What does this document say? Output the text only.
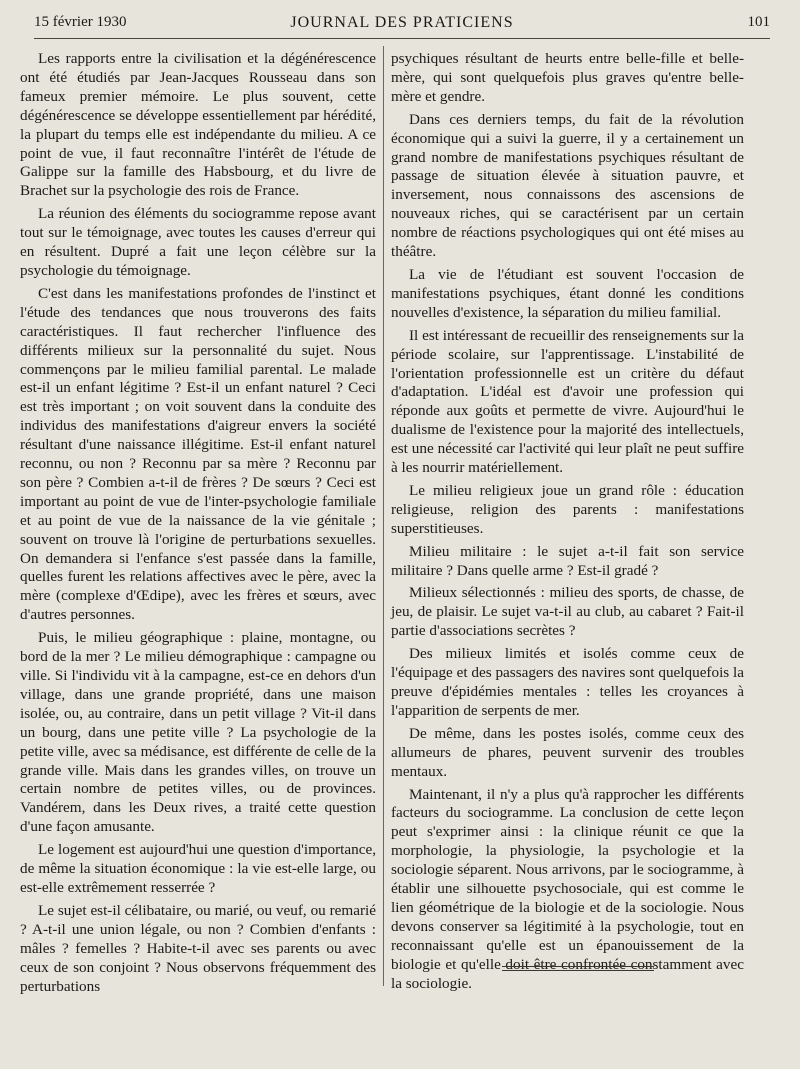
15 février 1930	JOURNAL DES PRATICIENS	101

Les rapports entre la civilisation et la dégénérescence ont été étudiés par Jean-Jacques Rousseau dans son fameux premier mémoire. Le plus souvent, cette dégénérescence se développe essentiellement par hérédité, la plupart du temps elle est indépendante du milieu. A ce point de vue, il faut reconnaître l'intérêt de l'étude de Galippe sur la famille des Habsbourg, et du livre de Brachet sur la psychologie des rois de France.

La réunion des éléments du sociogramme repose avant tout sur le témoignage, avec toutes les causes d'erreur qui en résultent. Dupré a fait une leçon célèbre sur la psychologie du témoignage.

C'est dans les manifestations profondes de l'instinct et l'étude des tendances que nous trouverons des faits caractéristiques. Il faut rechercher l'influence des différents milieux sur la personnalité du sujet. Nous commençons par le milieu familial parental. Le malade est-il un enfant légitime ? Est-il un enfant naturel ? Ceci est très important ; on voit souvent dans la conduite des individus des manifestations d'aigreur envers la société résultant d'une naissance illégitime. Est-il enfant naturel reconnu, ou non ? Reconnu par sa mère ? Reconnu par son père ? Combien a-t-il de frères ? De sœurs ? Ceci est important au point de vue de l'inter-psychologie familiale et au point de vue de la naissance de la vie génitale ; souvent on trouve là l'origine de perturbations sexuelles. On demandera si l'enfance s'est passée dans la famille, quelles furent les relations affectives avec le père, avec la mère (complexe d'Œdipe), avec les frères et sœurs, avec d'autres personnes.

Puis, le milieu géographique : plaine, montagne, ou bord de la mer ? Le milieu démographique : campagne ou ville. Si l'individu vit à la campagne, est-ce en dehors d'un village, dans une grande propriété, dans une maison isolée, ou, au contraire, dans un petit village ? Vit-il dans un bourg, dans une petite ville ? La psychologie de la petite ville, avec sa médisance, est différente de celle de la grande ville. Mais dans les grandes villes, on trouve un certain nombre de petites villes, ou de provinces. Vandérem, dans les Deux rives, a traité cette question d'une façon amusante.

Le logement est aujourd'hui une question d'importance, de même la situation économique : la vie est-elle large, ou est-elle extrêmement resserrée ?

Le sujet est-il célibataire, ou marié, ou veuf, ou remarié ? A-t-il une union légale, ou non ? Combien d'enfants : mâles ? femelles ? Habite-t-il avec ses parents ou avec ceux de son conjoint ? Nous observons fréquemment des perturbations

psychiques résultant de heurts entre belle-fille et belle-mère, qui sont quelquefois plus graves qu'entre belle-mère et gendre.

Dans ces derniers temps, du fait de la révolution économique qui a suivi la guerre, il y a certainement un grand nombre de manifestations psychiques résultant de passage de situation élevée à situation pauvre, et inversement, nous connaissons des ascensions de nouveaux riches, qui se caractérisent par un certain nombre de réactions psychologiques qui ont été mises au théâtre.

La vie de l'étudiant est souvent l'occasion de manifestations psychiques, étant donné les conditions nouvelles d'existence, la séparation du milieu familial.

Il est intéressant de recueillir des renseignements sur la période scolaire, sur l'apprentissage. L'instabilité de l'orientation professionnelle est un critère du défaut d'adaptation. L'idéal est d'avoir une profession qui réponde aux goûts et permette de vivre. Aujourd'hui le dualisme de l'existence pour la majorité des intellectuels, est une nécessité car l'activité qui leur plaît ne peut suffire à les nourrir matériellement.

Le milieu religieux joue un grand rôle : éducation religieuse, religion des parents : manifestations superstitieuses.

Milieu militaire : le sujet a-t-il fait son service militaire ? Dans quelle arme ? Est-il gradé ?

Milieux sélectionnés : milieu des sports, de chasse, de jeu, de plaisir. Le sujet va-t-il au club, au cabaret ? Fait-il partie d'associations secrètes ?

Des milieux limités et isolés comme ceux de l'équipage et des passagers des navires sont quelquefois la preuve d'épidémies mentales : telles les croyances à l'apparition de serpents de mer.

De même, dans les postes isolés, comme ceux des allumeurs de phares, peuvent survenir des troubles mentaux.

Maintenant, il n'y a plus qu'à rapprocher les différents facteurs du sociogramme. La conclusion de cette leçon peut s'exprimer ainsi : la clinique réunit ce que la morphologie, la physiologie, la psychologie et la sociologie séparent. Nous arrivons, par le sociogramme, à établir une silhouette psychosociale, qui est comme le lien géométrique de la biologie et de la sociologie. Nous devons conserver sa légitimité à la psychologie, tout en reconnaissant qu'elle est un épanouissement de la biologie et qu'elle doit être confrontée constamment avec la sociologie.
